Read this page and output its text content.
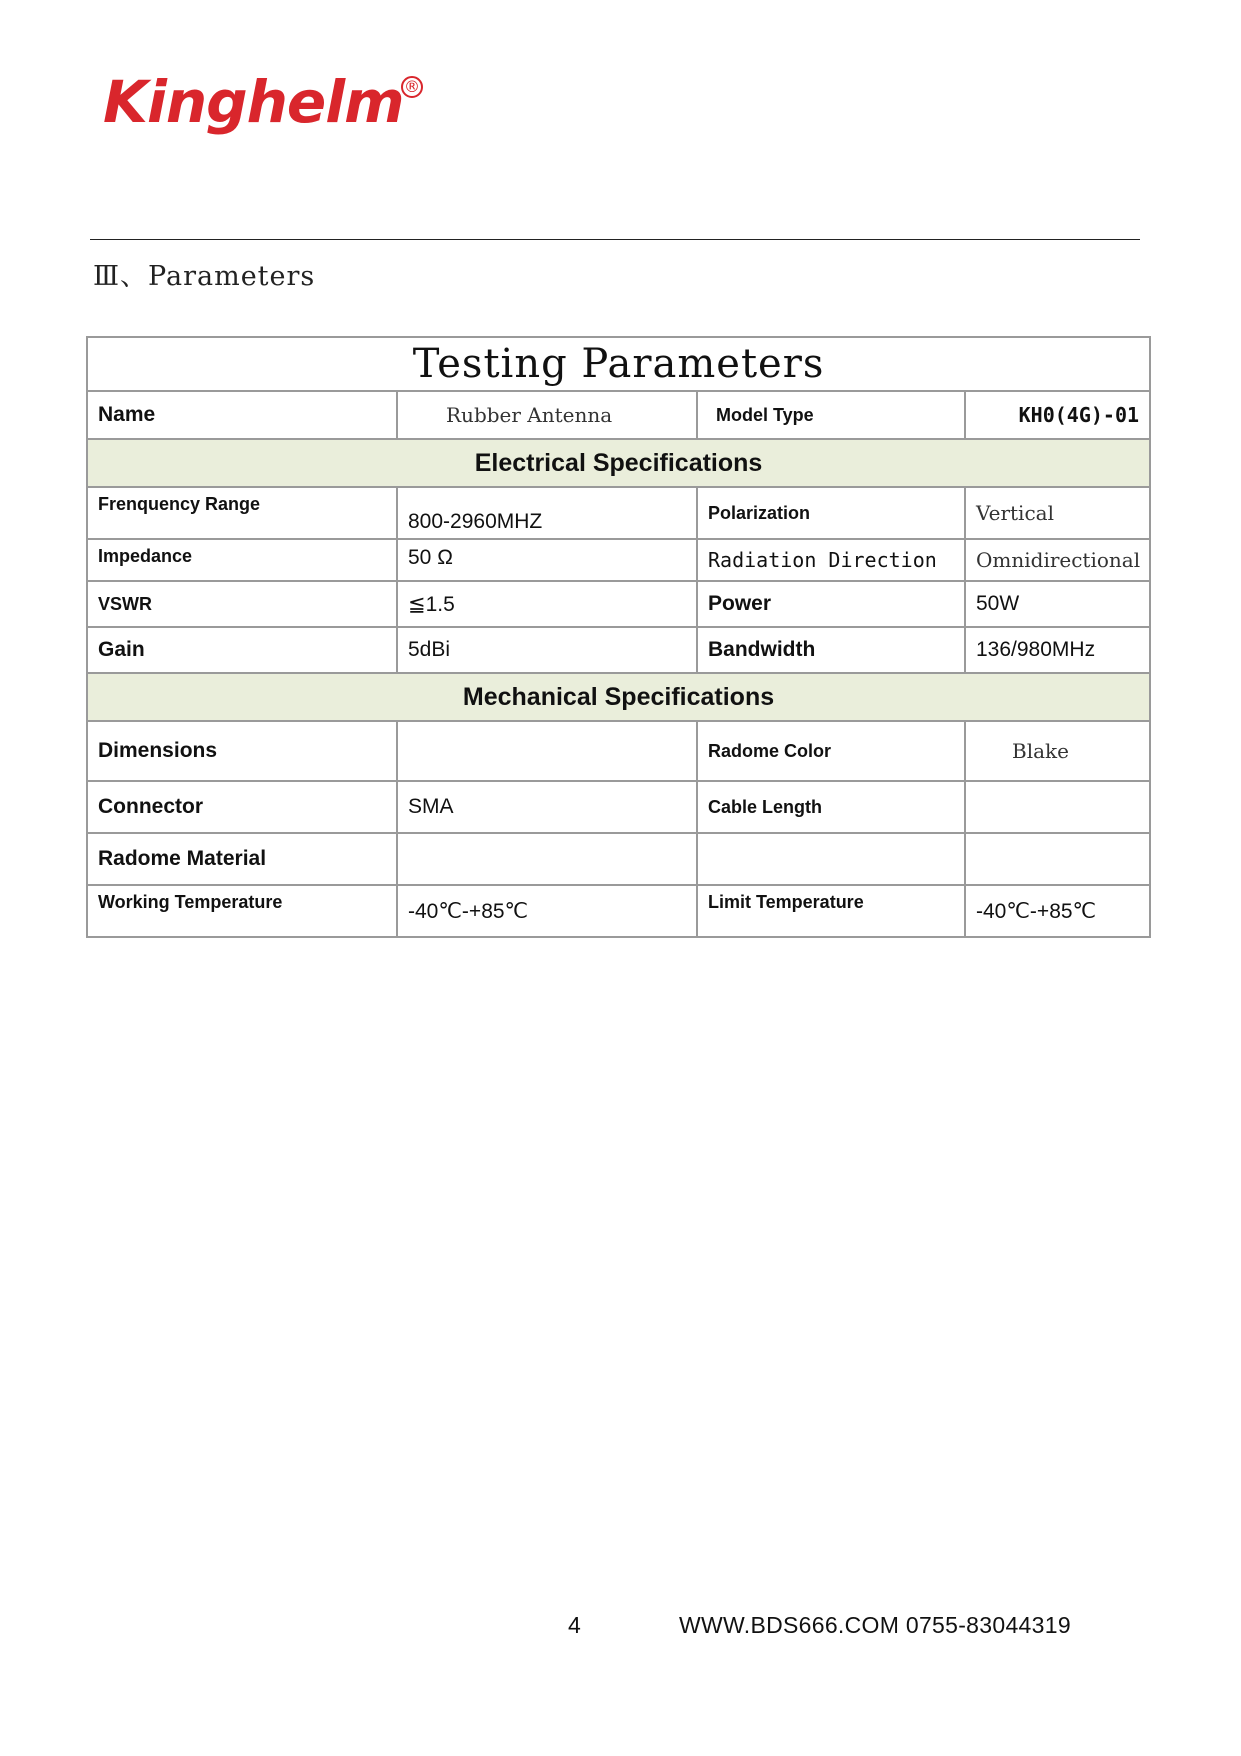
Kinghelm ®
Ⅲ、Parameters
Testing Parameters			
Name	Rubber Antenna	Model Type	KH0(4G)-01
Electrical Specifications			
Frenquency Range	800-2960MHZ	Polarization	Vertical
Impedance	50 Ω	Radiation Direction	Omnidirectional
VSWR	≦1.5	Power	50W
Gain	5dBi	Bandwidth	136/980MHz
Mechanical Specifications			
Dimensions		Radome Color	Blake
Connector	SMA	Cable Length	
Radome Material			
Working Temperature	-40℃-+85℃	Limit Temperature	-40℃-+85℃
4	WWW.BDS666.COM 0755-83044319
